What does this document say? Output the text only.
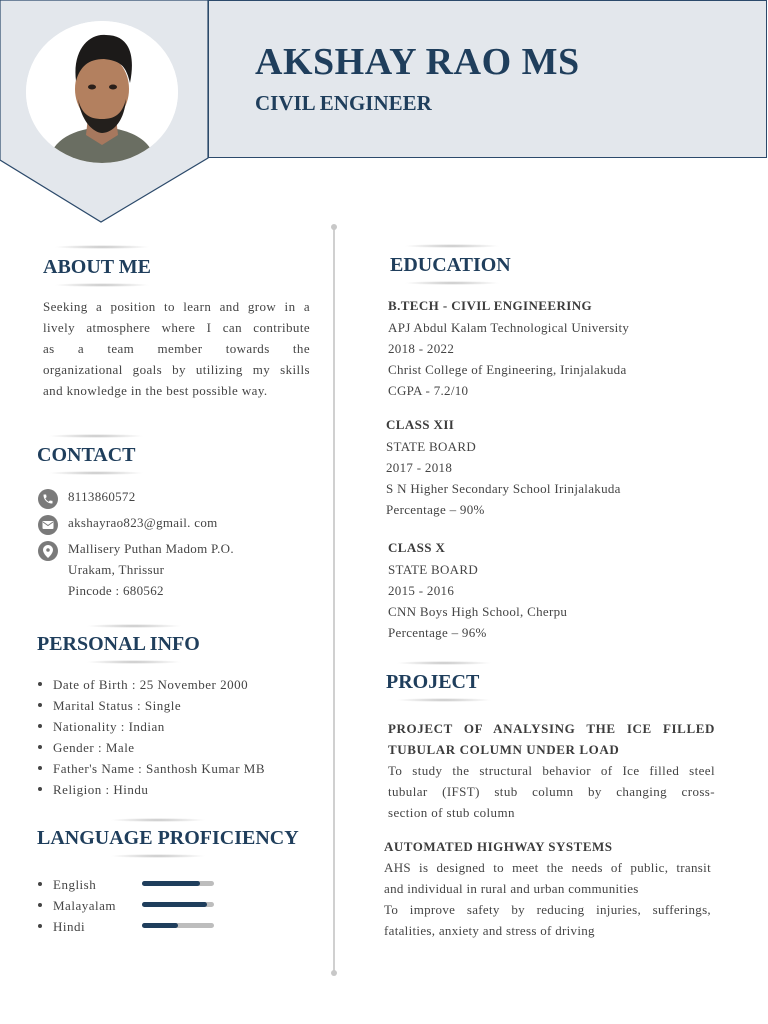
AKSHAY RAO MS
CIVIL ENGINEER
ABOUT ME
Seeking a position to learn and grow in a
lively atmosphere where I can contribute
as a team member towards the
organizational goals by utilizing my skills
and knowledge in the best possible way.
CONTACT
8113860572
akshayrao823@gmail. com
Mallisery Puthan Madom P.O.
Urakam, Thrissur
Pincode : 680562
PERSONAL INFO
Date of Birth : 25 November 2000
Marital Status : Single
Nationality : Indian
Gender : Male
Father's Name : Santhosh Kumar MB
Religion : Hindu
LANGUAGE PROFICIENCY
English
Malayalam
Hindi
EDUCATION
B.TECH - CIVIL ENGINEERING
APJ Abdul Kalam Technological University
2018 - 2022
Christ College of Engineering, Irinjalakuda
CGPA - 7.2/10
CLASS XII
STATE BOARD
2017 - 2018
S N Higher Secondary School Irinjalakuda
Percentage – 90%
CLASS X
STATE BOARD
2015 - 2016
CNN Boys High School, Cherpu
Percentage – 96%
PROJECT
PROJECT OF ANALYSING THE ICE FILLED
TUBULAR COLUMN UNDER LOAD
To study the structural behavior of Ice filled steel
tubular (IFST) stub column by changing cross-
section of stub column
AUTOMATED HIGHWAY SYSTEMS
AHS is designed to meet the needs of public, transit
and individual in rural and urban communities
To improve safety by reducing injuries, sufferings,
fatalities, anxiety and stress of driving
